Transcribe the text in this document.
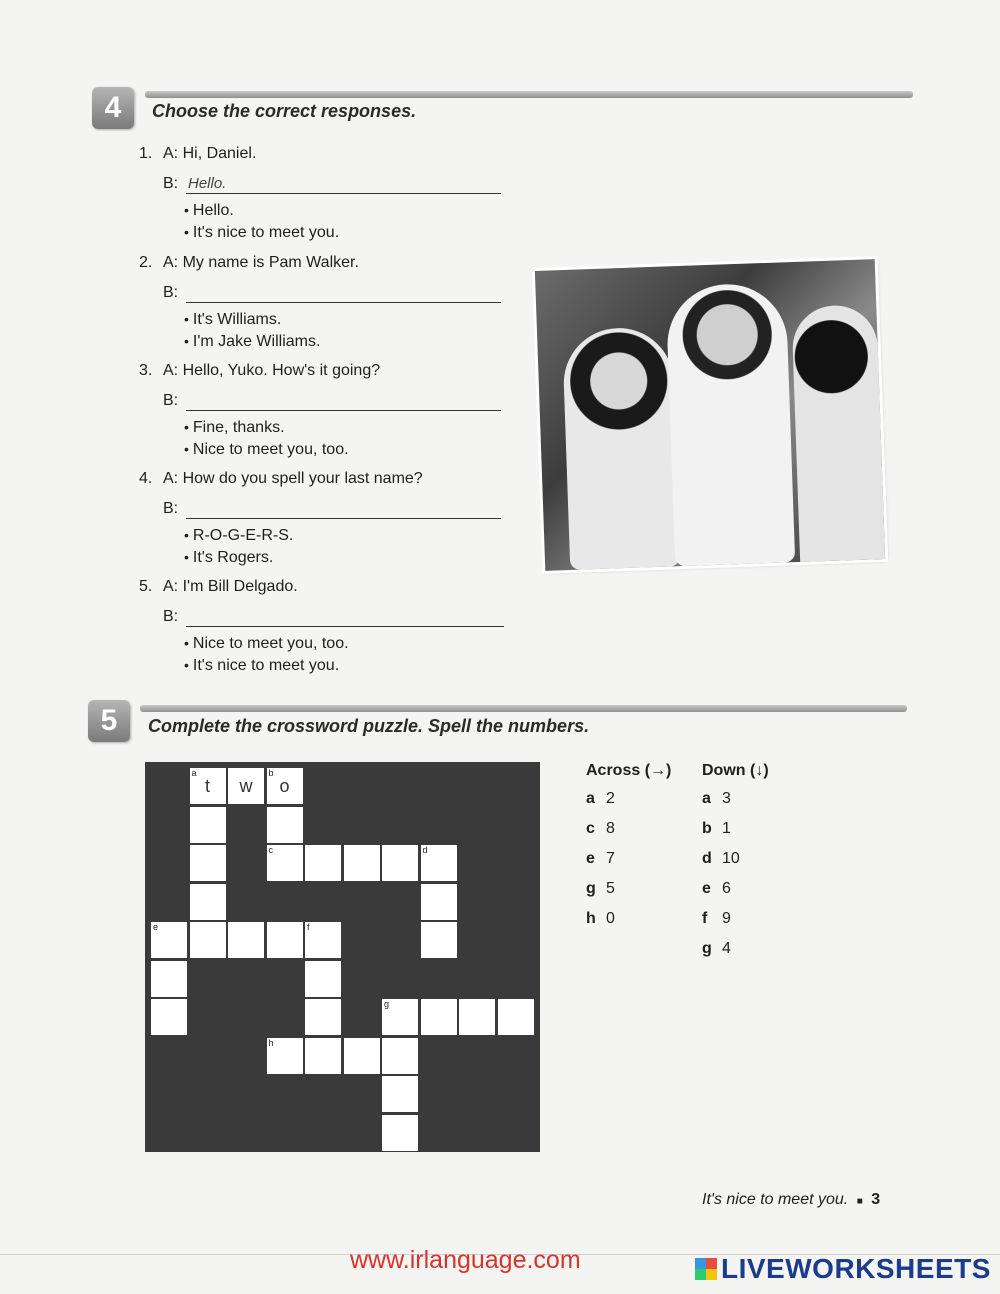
4	Choose the correct responses.
1. A: Hi, Daniel.
B: Hello.
• Hello.
• It's nice to meet you.
2. A: My name is Pam Walker.
B:
• It's Williams.
• I'm Jake Williams.
3. A: Hello, Yuko. How's it going?
B:
• Fine, thanks.
• Nice to meet you, too.
4. A: How do you spell your last name?
B:
• R-O-G-E-R-S.
• It's Rogers.
5. A: I'm Bill Delgado.
B:
• Nice to meet you, too.
• It's nice to meet you.
5	Complete the crossword puzzle. Spell the numbers.
a
t	w
b
o
c	d
e	f
g
h
Across (→) Down (↓)
a 2
c 8
e 7
g 5
h 0
a 3
b 1
d 10
e 6
f 9
g 4
It's nice to meet you. ■ 3
www.irlanguage.com	LIVEWORKSHEETS
